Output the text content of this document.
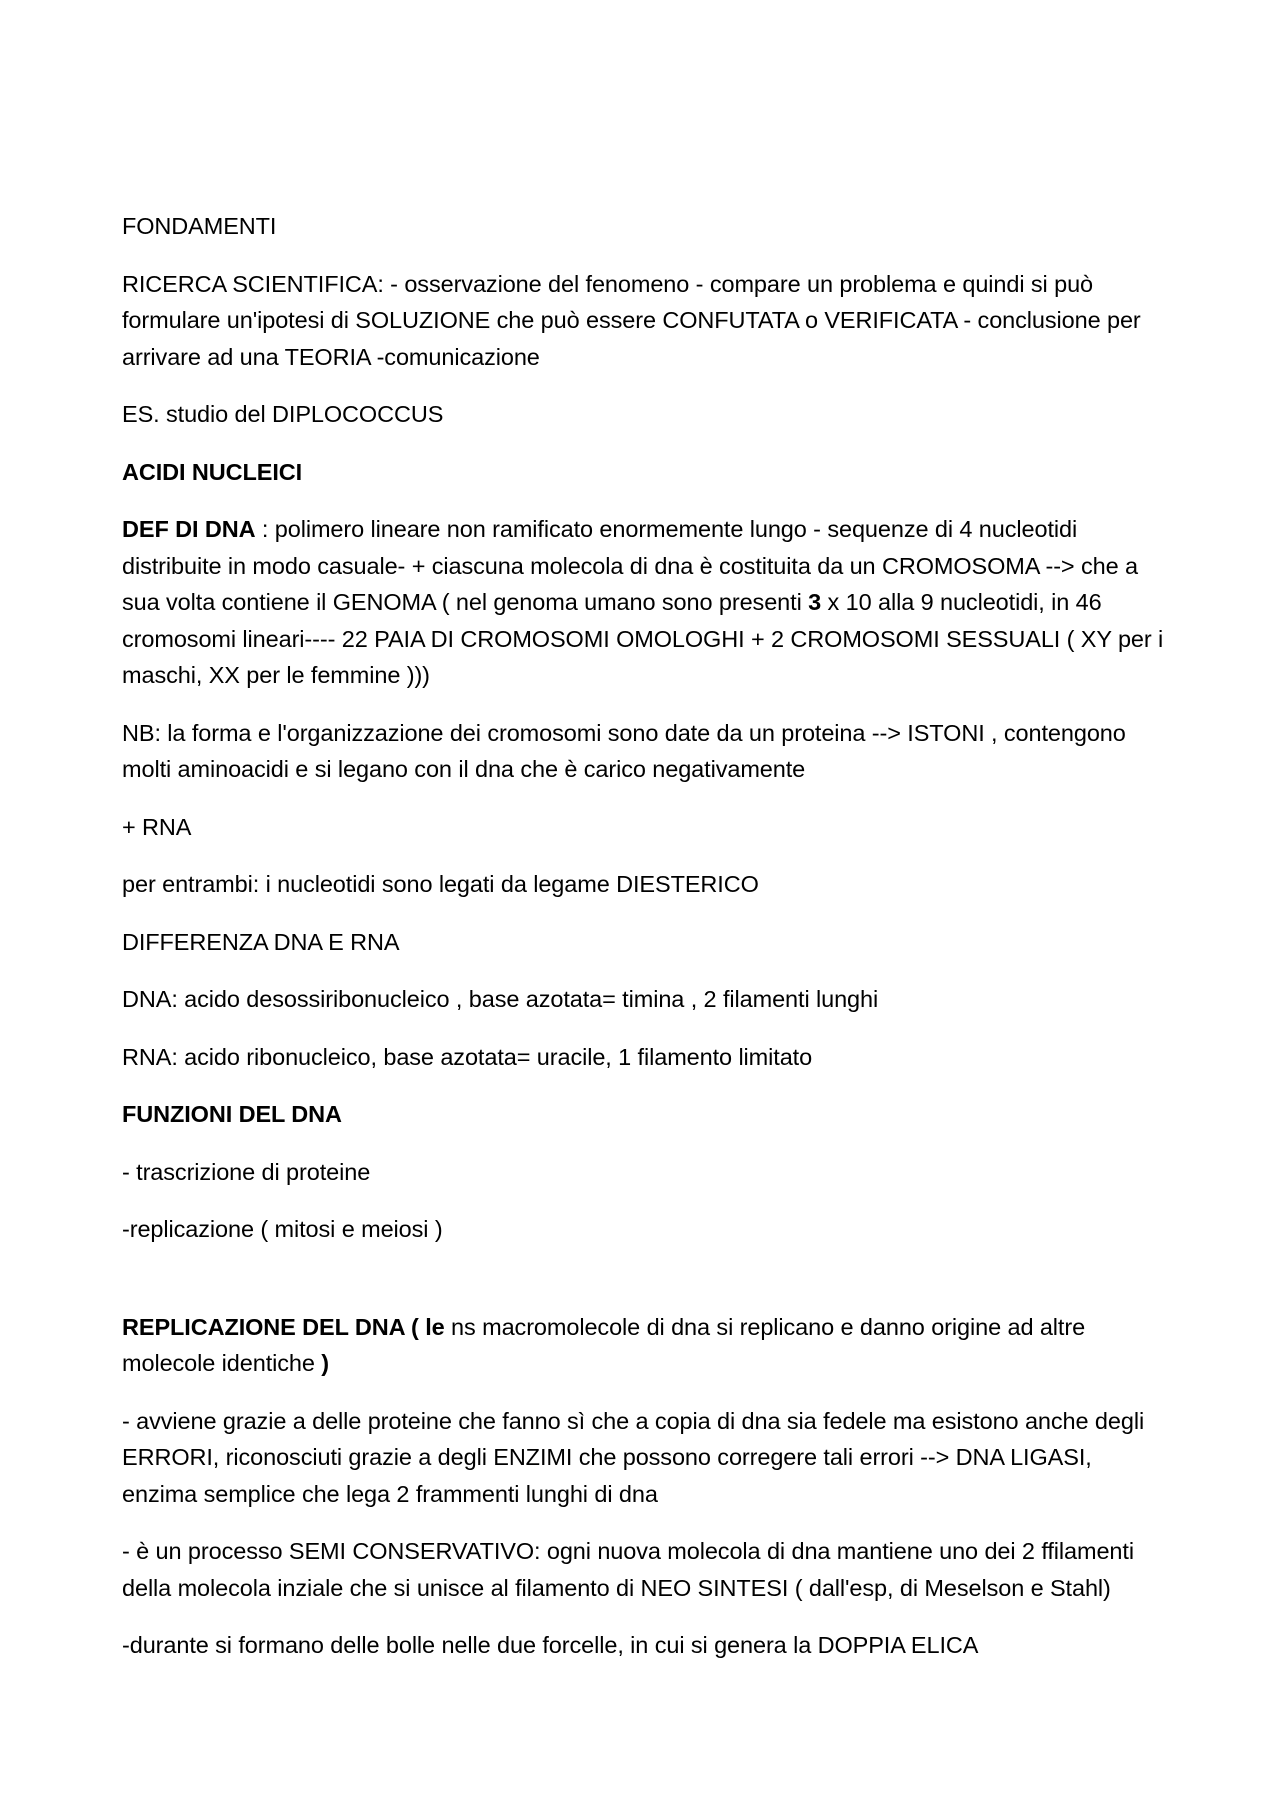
FONDAMENTI

RICERCA SCIENTIFICA: - osservazione del fenomeno - compare un problema e quindi si può formulare un'ipotesi di SOLUZIONE che può essere CONFUTATA o VERIFICATA - conclusione per arrivare ad una TEORIA -comunicazione

ES. studio del DIPLOCOCCUS

ACIDI NUCLEICI

DEF DI DNA : polimero lineare non ramificato enormemente lungo - sequenze di 4 nucleotidi distribuite in modo casuale- + ciascuna molecola di dna è costituita da un CROMOSOMA --> che a sua volta contiene il GENOMA ( nel genoma umano sono presenti 3 x 10 alla 9 nucleotidi, in 46 cromosomi lineari---- 22 PAIA DI CROMOSOMI OMOLOGHI + 2 CROMOSOMI SESSUALI ( XY per i maschi, XX per le femmine )))

NB: la forma e l'organizzazione dei cromosomi sono date da un proteina --> ISTONI , contengono molti aminoacidi e si legano con il dna che è carico negativamente

+ RNA

per entrambi: i nucleotidi sono legati da legame DIESTERICO

DIFFERENZA DNA E RNA

DNA: acido desossiribonucleico , base azotata= timina , 2 filamenti lunghi

RNA: acido ribonucleico, base azotata= uracile, 1 filamento limitato

FUNZIONI DEL DNA

- trascrizione di proteine

-replicazione ( mitosi e meiosi )

REPLICAZIONE DEL DNA ( le ns macromolecole di dna si replicano e danno origine ad altre molecole identiche )

- avviene grazie a delle proteine che fanno sì che a copia di dna sia fedele ma esistono anche degli ERRORI, riconosciuti grazie a degli ENZIMI che possono corregere tali errori --> DNA LIGASI, enzima semplice che lega 2 frammenti lunghi di dna

- è un processo SEMI CONSERVATIVO: ogni nuova molecola di dna mantiene uno dei 2 ffilamenti della molecola inziale che si unisce al filamento di NEO SINTESI ( dall'esp, di Meselson e Stahl)

-durante si formano delle bolle nelle due forcelle, in cui si genera la DOPPIA ELICA
